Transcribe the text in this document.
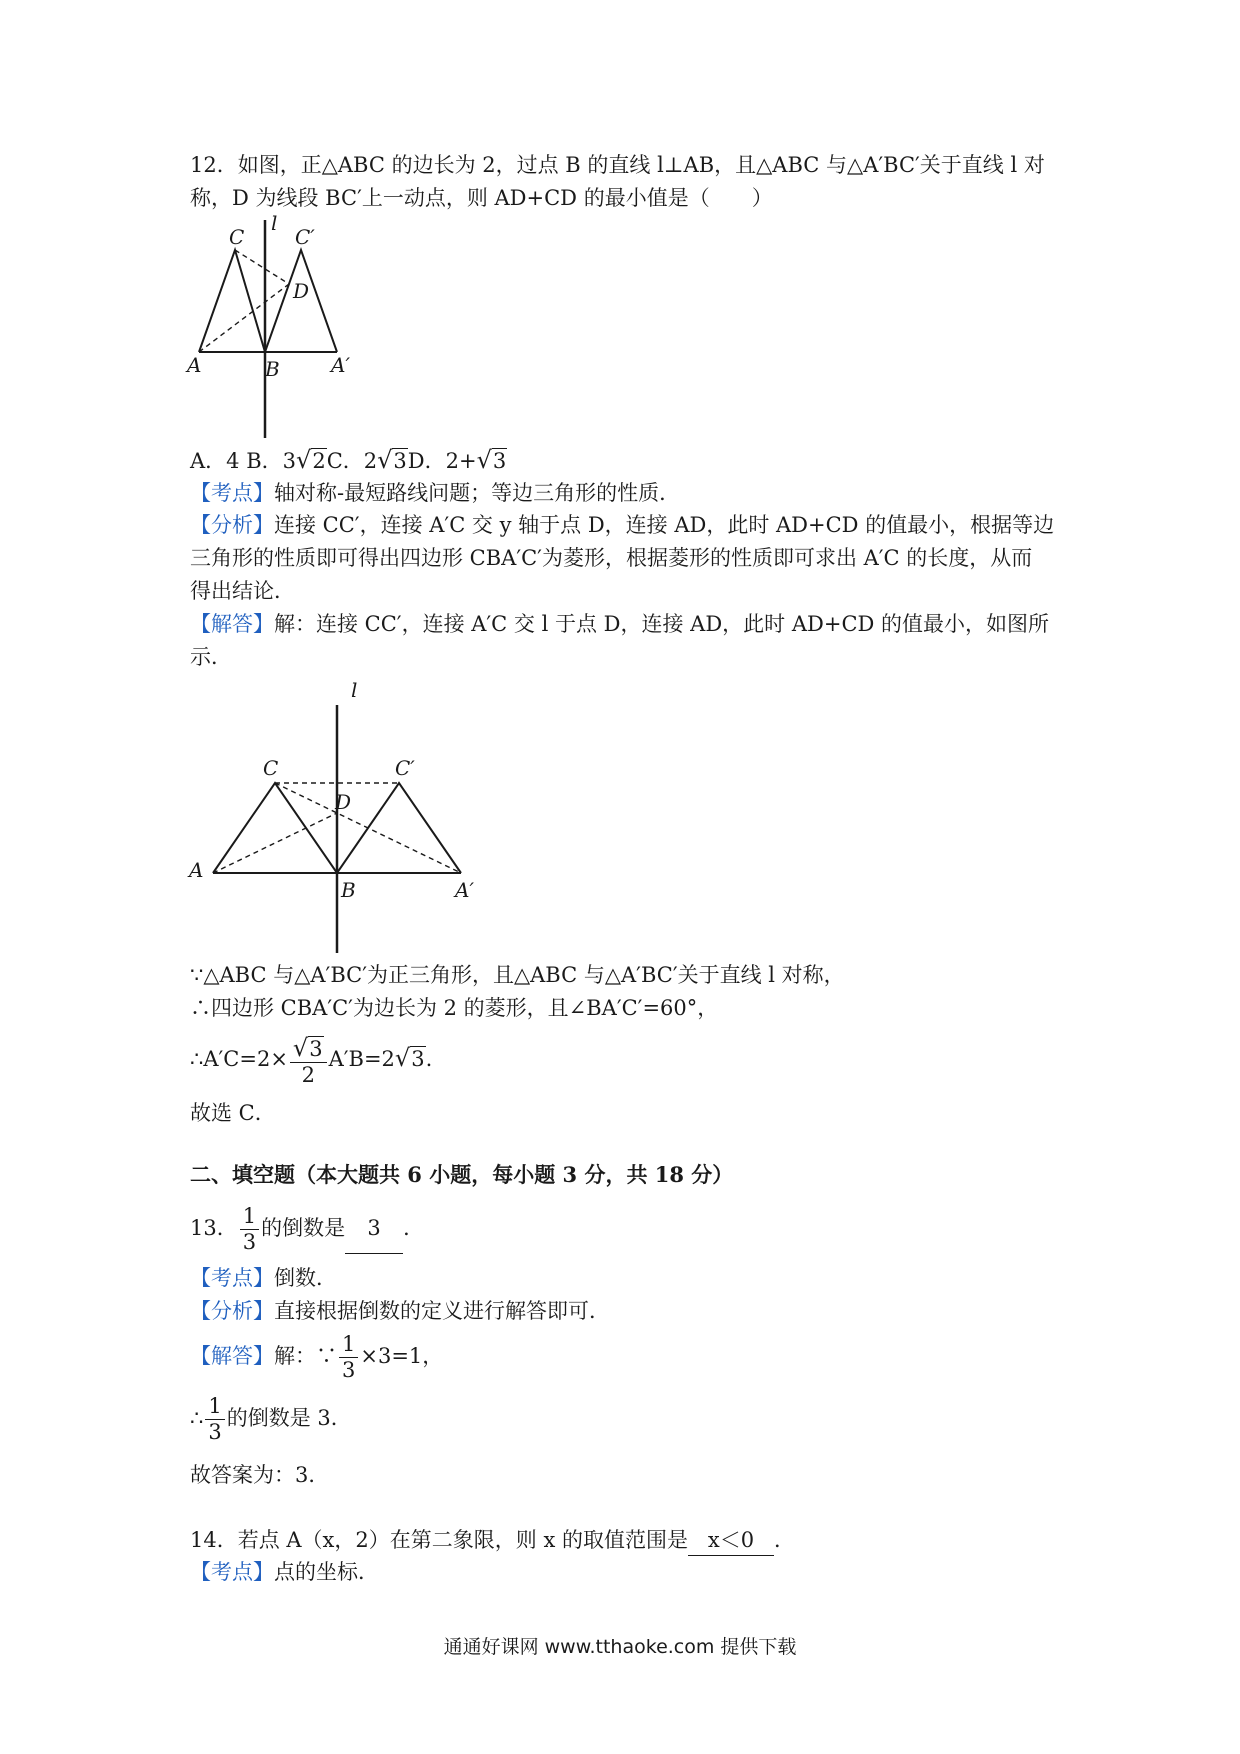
12．如图，正△ABC 的边长为 2，过点 B 的直线 l⊥AB，且△ABC 与△A′BC′关于直线 l 对
称，D 为线段 BC′上一动点，则 AD+CD 的最小值是（　　）
l
C	C′
D
A	B	A′
A．4 B．3√2C．2√3D．2+√3
【考点】轴对称-最短路线问题；等边三角形的性质．
【分析】连接 CC′，连接 A′C 交 y 轴于点 D，连接 AD，此时 AD+CD 的值最小，根据等边
三角形的性质即可得出四边形 CBA′C′为菱形，根据菱形的性质即可求出 A′C 的长度，从而
得出结论．
【解答】解：连接 CC′，连接 A′C 交 l 于点 D，连接 AD，此时 AD+CD 的值最小，如图所
示．
l
C	C′
D
A
B	A′
∵△ABC 与△A′BC′为正三角形，且△ABC 与△A′BC′关于直线 l 对称，
∴四边形 CBA′C′为边长为 2 的菱形，且∠BA′C′=60°，
∴A′C=2× $\frac{√3}{2} A'B=2√3$.
故选 C．
二、填空题（本大题共 6 小题，每小题 3 分，共 18 分）
13． $\frac{1}{3}$ 的倒数是 3 ．
【考点】倒数．
【分析】直接根据倒数的定义进行解答即可．
【解答】解：∵ $\frac{1}{3} \times 3=1$，
∴ $\frac{1}{3}$ 的倒数是 3．
故答案为：3．
14．若点 A（x，2）在第二象限，则 x 的取值范围是 x＜0 ．
【考点】点的坐标．
通通好课网 www.tthaoke.com 提供下载
